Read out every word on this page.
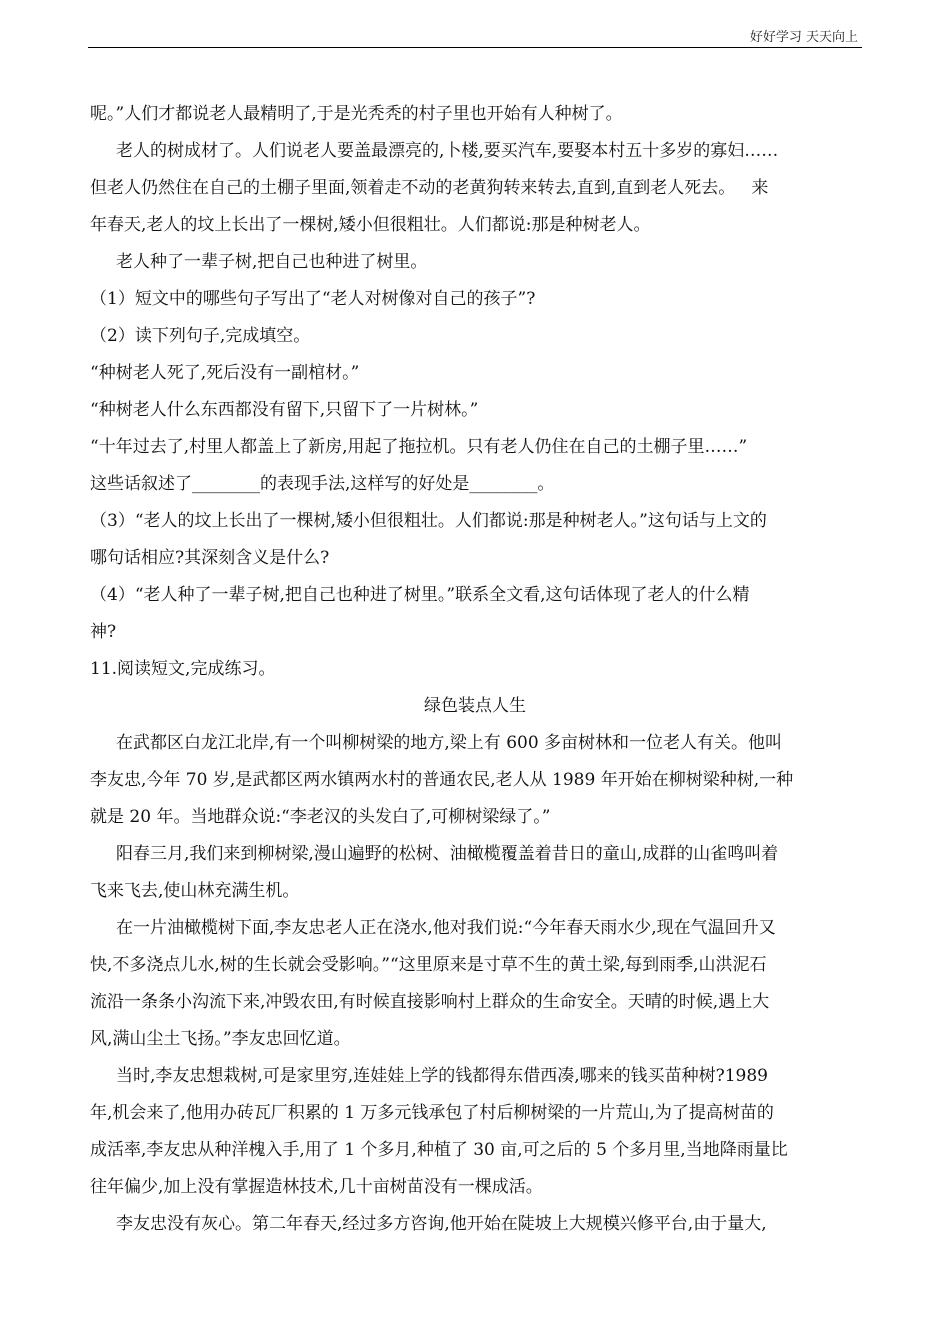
好好学习 天天向上
呢。”人们才都说老人最精明了,于是光秃秃的村子里也开始有人种树了。
老人的树成材了。人们说老人要盖最漂亮的,卜楼,要买汽车,要娶本村五十多岁的寡妇……
但老人仍然住在自己的土棚子里面,领着走不动的老黄狗转来转去,直到,直到老人死去。   来
年春天,老人的坟上长出了一棵树,矮小但很粗壮。人们都说:那是种树老人。
老人种了一辈子树,把自己也种进了树里。
（1）短文中的哪些句子写出了“老人对树像对自己的孩子”?
（2）读下列句子,完成填空。
“种树老人死了,死后没有一副棺材。”
“种树老人什么东西都没有留下,只留下了一片树林。”
“十年过去了,村里人都盖上了新房,用起了拖拉机。只有老人仍住在自己的土棚子里……”
这些话叙述了________的表现手法,这样写的好处是________。
（3）“老人的坟上长出了一棵树,矮小但很粗壮。人们都说:那是种树老人。”这句话与上文的
哪句话相应?其深刻含义是什么?
（4）“老人种了一辈子树,把自己也种进了树里。”联系全文看,这句话体现了老人的什么精
神?
11.阅读短文,完成练习。
绿色装点人生
在武都区白龙江北岸,有一个叫柳树梁的地方,梁上有 600 多亩树林和一位老人有关。他叫
李友忠,今年 70 岁,是武都区两水镇两水村的普通农民,老人从 1989 年开始在柳树梁种树,一种
就是 20 年。当地群众说:“李老汉的头发白了,可柳树梁绿了。”
阳春三月,我们来到柳树梁,漫山遍野的松树、油橄榄覆盖着昔日的童山,成群的山雀鸣叫着
飞来飞去,使山林充满生机。
在一片油橄榄树下面,李友忠老人正在浇水,他对我们说:“今年春天雨水少,现在气温回升又
快,不多浇点儿水,树的生长就会受影响。”“这里原来是寸草不生的黄土梁,每到雨季,山洪泥石
流沿一条条小沟流下来,冲毁农田,有时候直接影响村上群众的生命安全。天晴的时候,遇上大
风,满山尘土飞扬。”李友忠回忆道。
当时,李友忠想栽树,可是家里穷,连娃娃上学的钱都得东借西凑,哪来的钱买苗种树?1989
年,机会来了,他用办砖瓦厂积累的 1 万多元钱承包了村后柳树梁的一片荒山,为了提高树苗的
成活率,李友忠从种洋槐入手,用了 1 个多月,种植了 30 亩,可之后的 5 个多月里,当地降雨量比
往年偏少,加上没有掌握造林技术,几十亩树苗没有一棵成活。
李友忠没有灰心。第二年春天,经过多方咨询,他开始在陡坡上大规模兴修平台,由于量大,
